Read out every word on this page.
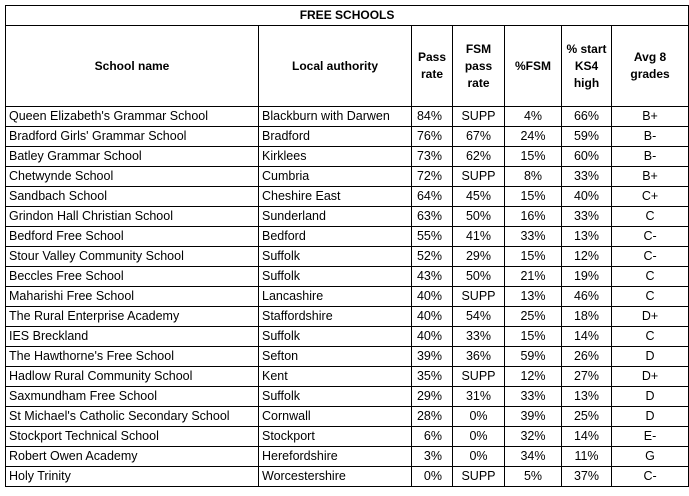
FREE SCHOOLS						
School name	Local authority	Pass rate	FSM pass rate	%FSM	% start KS4 high	Avg 8 grades
Queen Elizabeth's Grammar School	Blackburn with Darwen	84%	SUPP	4%	66%	B+
Bradford Girls' Grammar School	Bradford	76%	67%	24%	59%	B-
Batley Grammar School	Kirklees	73%	62%	15%	60%	B-
Chetwynde School	Cumbria	72%	SUPP	8%	33%	B+
Sandbach School	Cheshire East	64%	45%	15%	40%	C+
Grindon Hall Christian School	Sunderland	63%	50%	16%	33%	C
Bedford Free School	Bedford	55%	41%	33%	13%	C-
Stour Valley Community School	Suffolk	52%	29%	15%	12%	C-
Beccles Free School	Suffolk	43%	50%	21%	19%	C
Maharishi Free School	Lancashire	40%	SUPP	13%	46%	C
The Rural Enterprise Academy	Staffordshire	40%	54%	25%	18%	D+
IES Breckland	Suffolk	40%	33%	15%	14%	C
The Hawthorne's Free School	Sefton	39%	36%	59%	26%	D
Hadlow Rural Community School	Kent	35%	SUPP	12%	27%	D+
Saxmundham Free School	Suffolk	29%	31%	33%	13%	D
St Michael's Catholic Secondary School	Cornwall	28%	0%	39%	25%	D
Stockport Technical School	Stockport	6%	0%	32%	14%	E-
Robert Owen Academy	Herefordshire	3%	0%	34%	11%	G
Holy Trinity	Worcestershire	0%	SUPP	5%	37%	C-
